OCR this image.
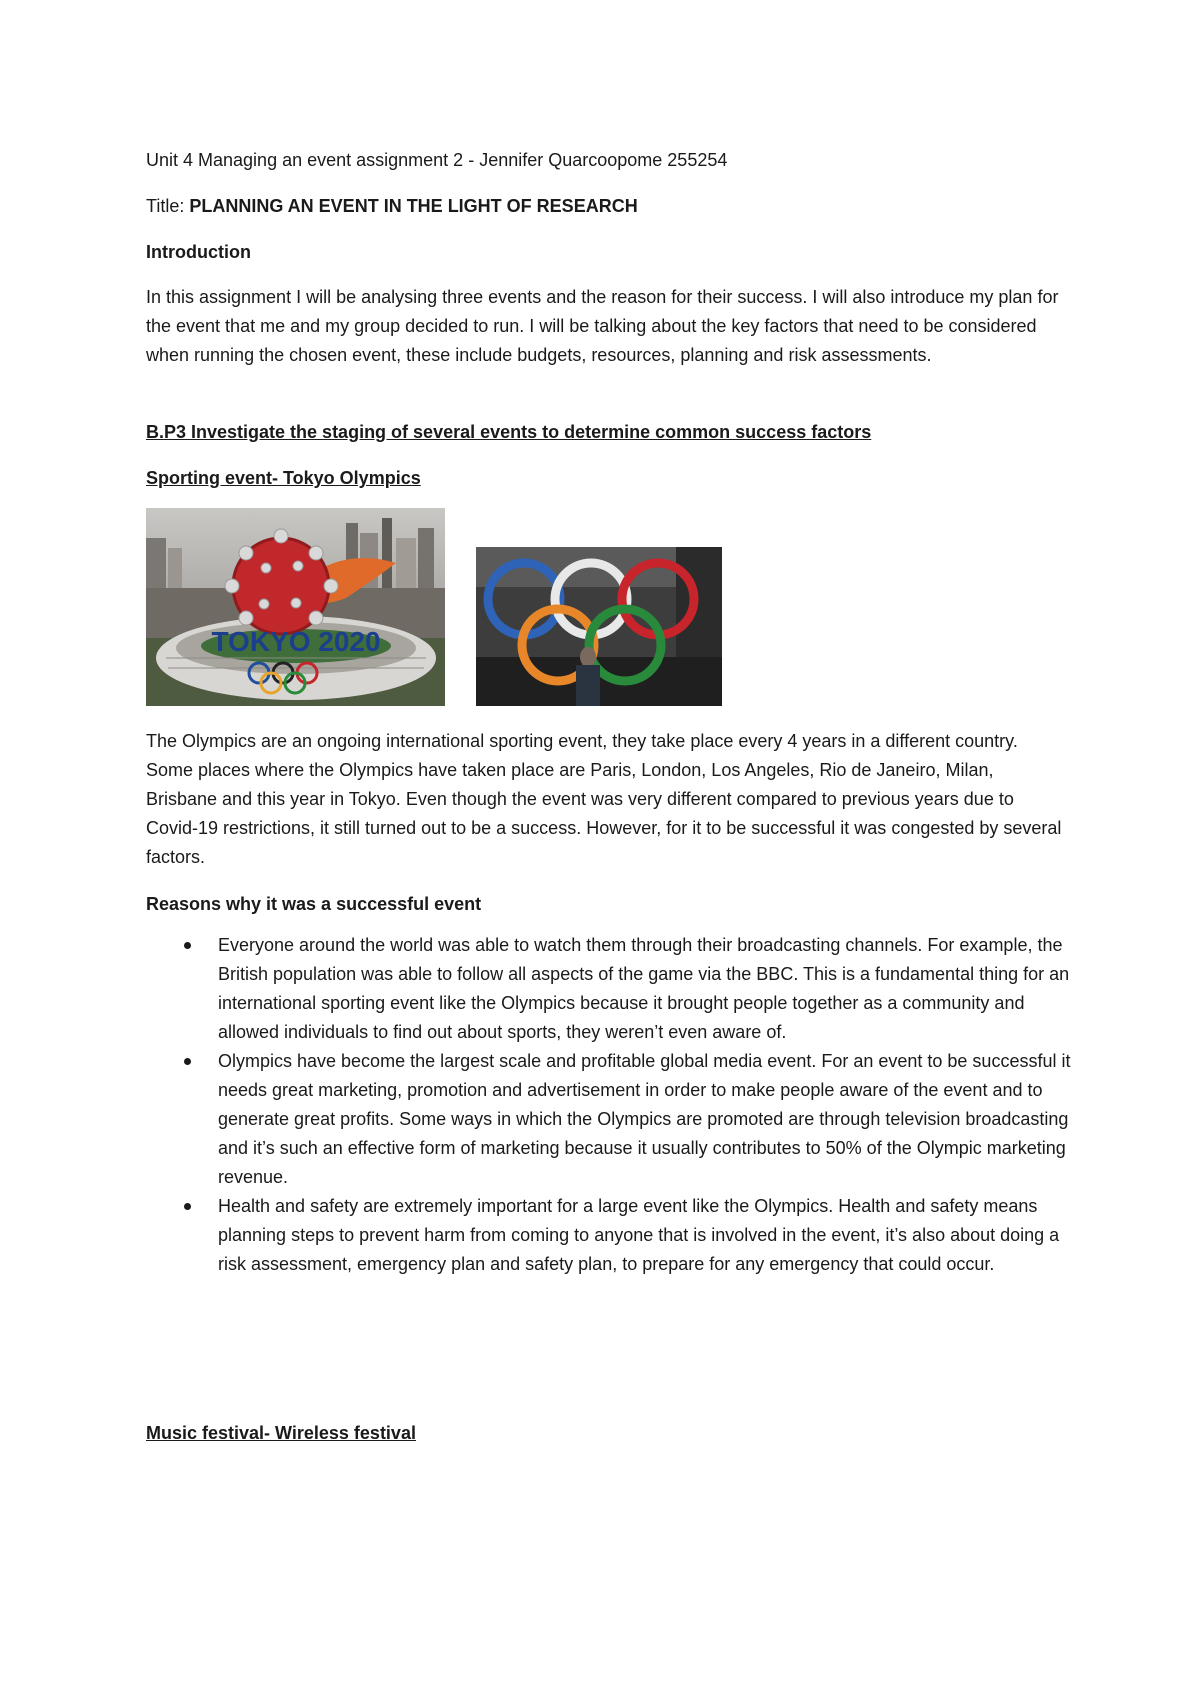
Unit 4 Managing an event assignment 2 - Jennifer Quarcoopome 255254

Title: PLANNING AN EVENT IN THE LIGHT OF RESEARCH

Introduction

In this assignment I will be analysing three events and the reason for their success. I will also introduce my plan for the event that me and my group decided to run. I will be talking about the key factors that need to be considered when running the chosen event, these include budgets, resources, planning and risk assessments.

B.P3 Investigate the staging of several events to determine common success factors

Sporting event- Tokyo Olympics

TOKYO 2020

The Olympics are an ongoing international sporting event, they take place every 4 years in a different country. Some places where the Olympics have taken place are Paris, London, Los Angeles, Rio de Janeiro, Milan, Brisbane and this year in Tokyo. Even though the event was very different compared to previous years due to Covid-19 restrictions, it still turned out to be a success. However, for it to be successful it was congested by several factors.

Reasons why it was a successful event

Everyone around the world was able to watch them through their broadcasting channels. For example, the British population was able to follow all aspects of the game via the BBC. This is a fundamental thing for an international sporting event like the Olympics because it brought people together as a community and allowed individuals to find out about sports, they weren’t even aware of.
Olympics have become the largest scale and profitable global media event. For an event to be successful it needs great marketing, promotion and advertisement in order to make people aware of the event and to generate great profits. Some ways in which the Olympics are promoted are through television broadcasting and it’s such an effective form of marketing because it usually contributes to 50% of the Olympic marketing revenue.
Health and safety are extremely important for a large event like the Olympics. Health and safety means planning steps to prevent harm from coming to anyone that is involved in the event, it’s also about doing a risk assessment, emergency plan and safety plan, to prepare for any emergency that could occur.

Music festival- Wireless festival
